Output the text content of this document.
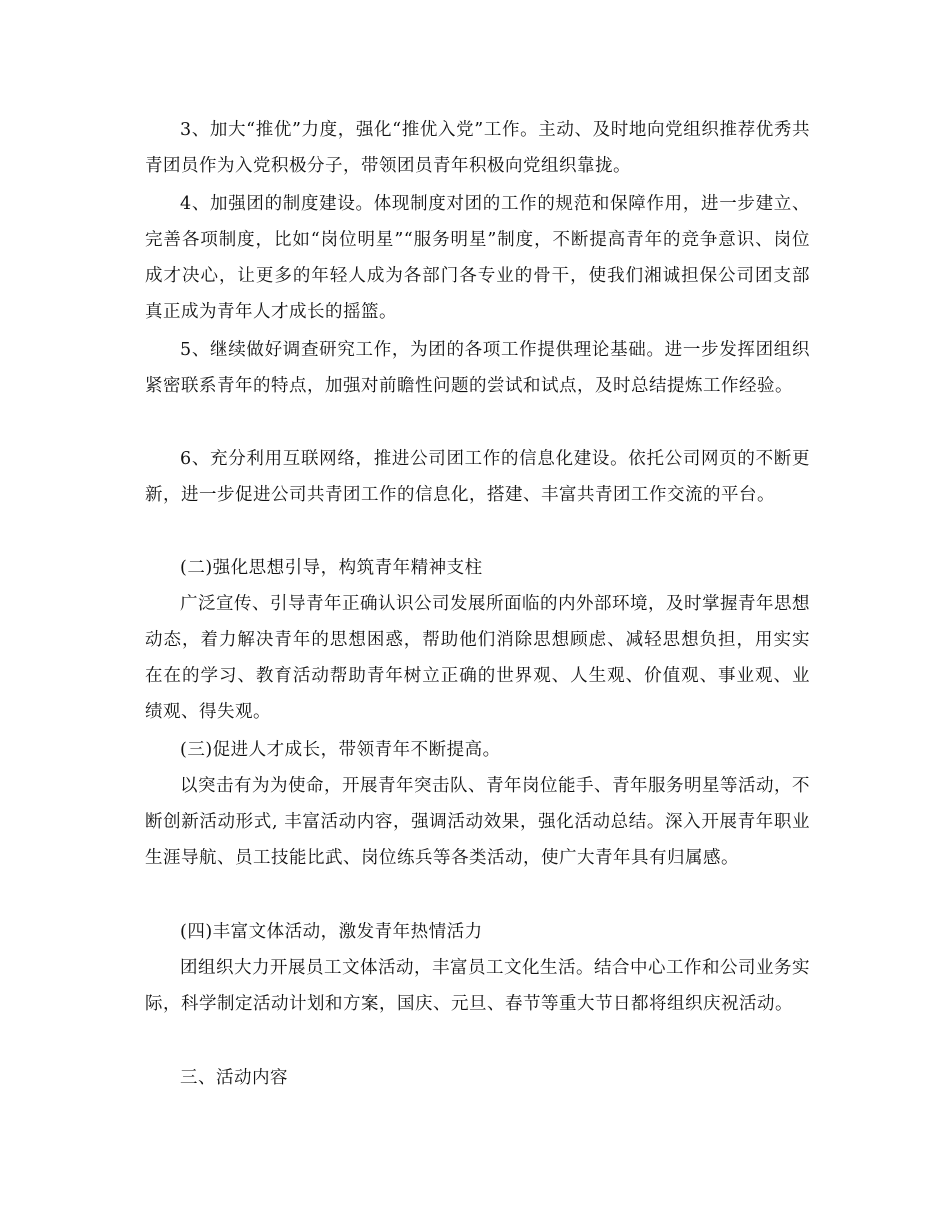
3、加大“推优”力度，强化“推优入党”工作。主动、及时地向党组织推荐优秀共青团员作为入党积极分子，带领团员青年积极向党组织靠拢。

4、加强团的制度建设。体现制度对团的工作的规范和保障作用，进一步建立、完善各项制度，比如“岗位明星”“服务明星”制度，不断提高青年的竞争意识、岗位成才决心，让更多的年轻人成为各部门各专业的骨干，使我们湘诚担保公司团支部真正成为青年人才成长的摇篮。

5、继续做好调查研究工作，为团的各项工作提供理论基础。进一步发挥团组织紧密联系青年的特点，加强对前瞻性问题的尝试和试点，及时总结提炼工作经验。

6、充分利用互联网络，推进公司团工作的信息化建设。依托公司网页的不断更新，进一步促进公司共青团工作的信息化，搭建、丰富共青团工作交流的平台。

(二)强化思想引导，构筑青年精神支柱

广泛宣传、引导青年正确认识公司发展所面临的内外部环境，及时掌握青年思想动态，着力解决青年的思想困惑，帮助他们消除思想顾虑、减轻思想负担，用实实在在的学习、教育活动帮助青年树立正确的世界观、人生观、价值观、事业观、业绩观、得失观。

(三)促进人才成长，带领青年不断提高。

以突击有为为使命，开展青年突击队、青年岗位能手、青年服务明星等活动，不断创新活动形式, 丰富活动内容，强调活动效果，强化活动总结。深入开展青年职业生涯导航、员工技能比武、岗位练兵等各类活动，使广大青年具有归属感。

(四)丰富文体活动，激发青年热情活力

团组织大力开展员工文体活动，丰富员工文化生活。结合中心工作和公司业务实际，科学制定活动计划和方案，国庆、元旦、春节等重大节日都将组织庆祝活动。

三、活动内容
